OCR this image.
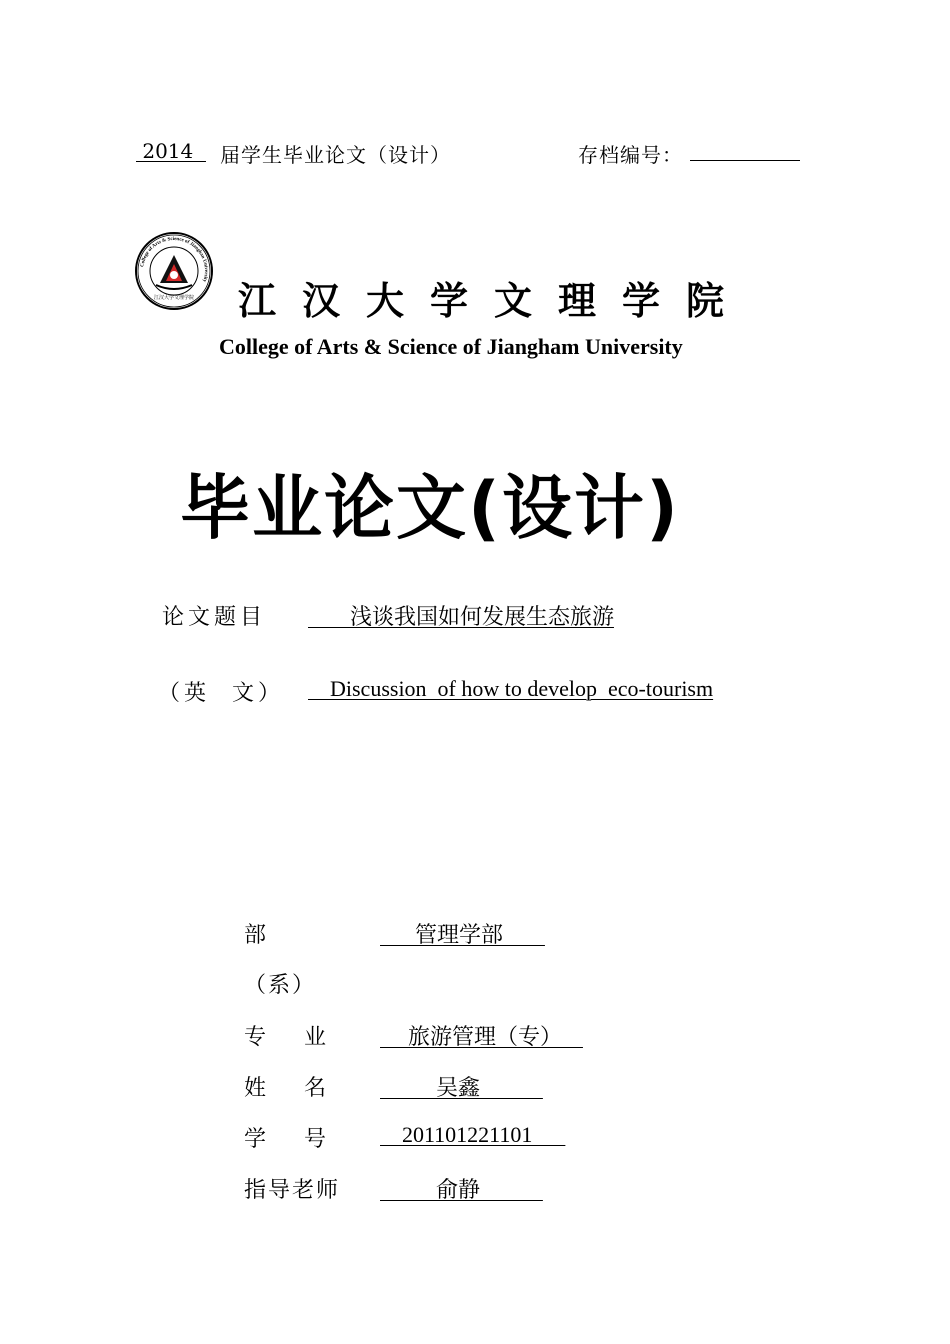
2014 届学生毕业论文（设计）	存档编号：
College of Arts & Science of Jianghan University
江汉大学文理学院 江汉大学文理学院
College of Arts & Science of Jiangham University
毕业论文(设计)
论文题目 浅谈我国如何发展生态旅游
（英  文） Discussion  of how to develop  eco-tourism
部
（系）
管理学部
专    业 旅游管理（专）
姓    名 吴鑫
学    号 201101221101
指导老师 俞静
